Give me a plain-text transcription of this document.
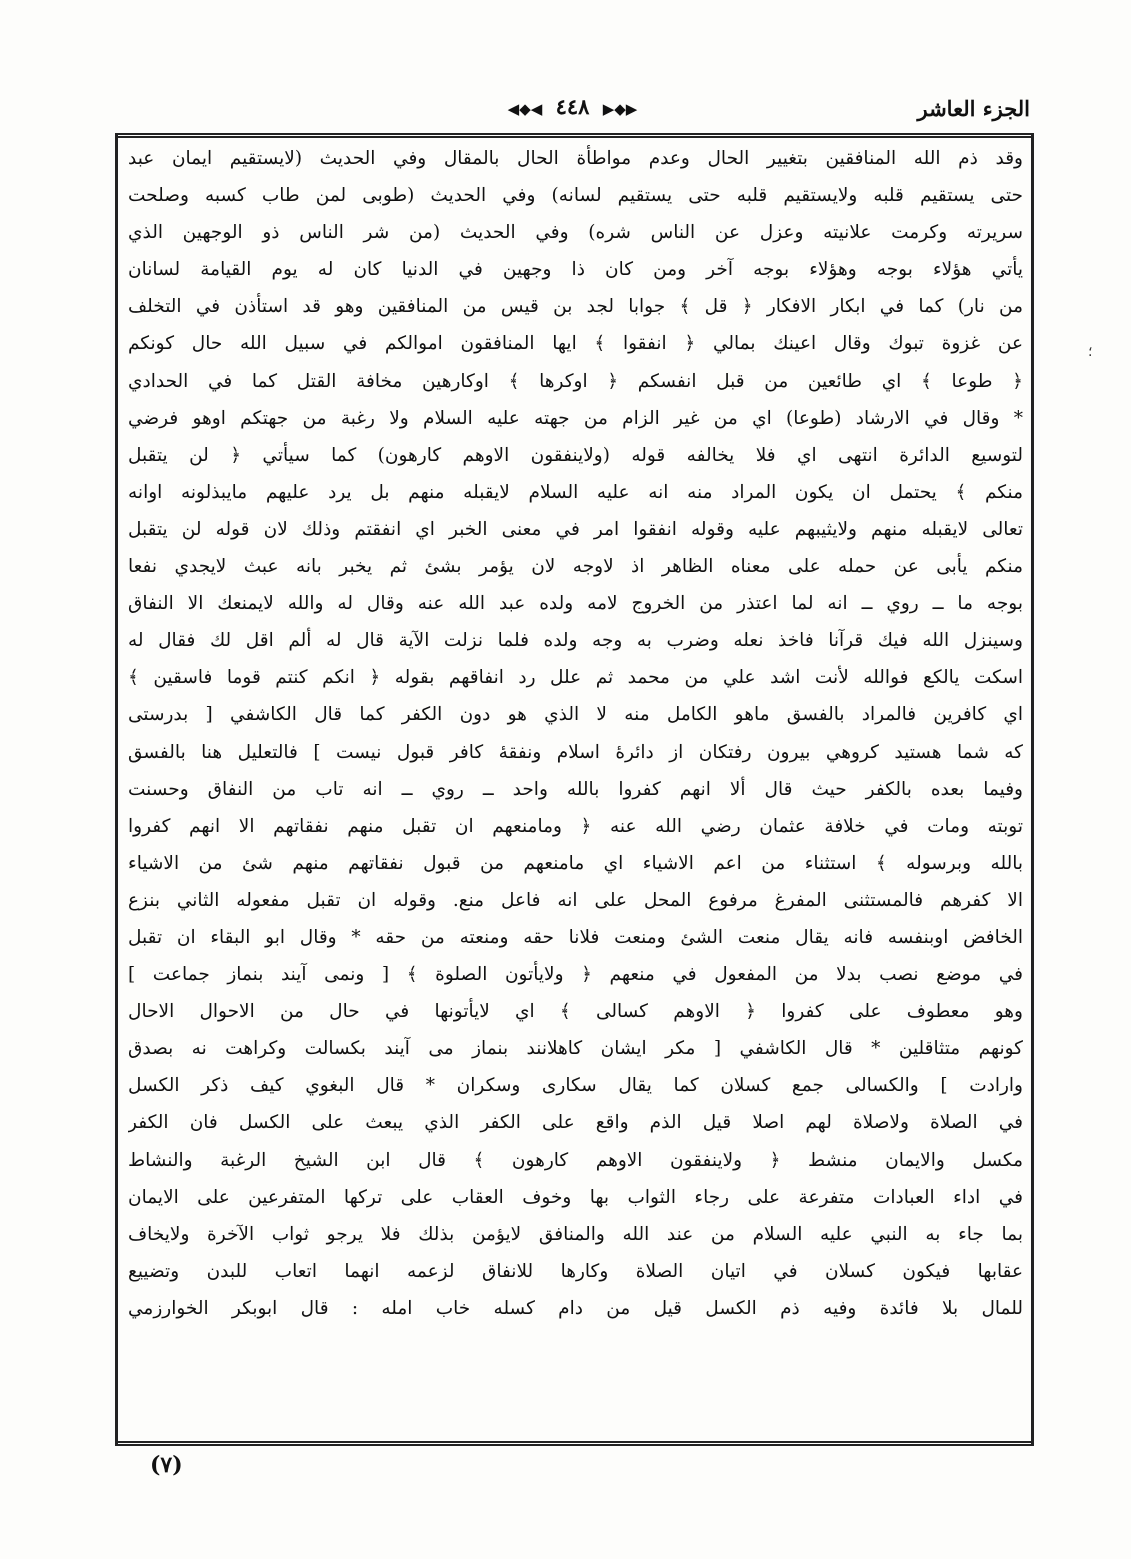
الجزء العاشر
▶◆▶ ٤٤٨ ◀◆◀
وقد ذم الله المنافقين بتغيير الحال وعدم مواطأة الحال بالمقال وفي الحديث (لايستقيم ايمان عبد
حتى يستقيم قلبه ولايستقيم قلبه حتى يستقيم لسانه) وفي الحديث (طوبى لمن طاب كسبه وصلحت
سريرته وكرمت علانيته وعزل عن الناس شره) وفي الحديث (من شر الناس ذو الوجهين الذي
يأتي هؤلاء بوجه وهؤلاء بوجه آخر ومن كان ذا وجهين في الدنيا كان له يوم القيامة لسانان
من نار) كما في ابكار الافكار ﴿ قل ﴾ جوابا لجد بن قيس من المنافقين وهو قد استأذن في التخلف
عن غزوة تبوك وقال اعينك بمالي ﴿ انفقوا ﴾ ايها المنافقون اموالكم في سبيل الله حال كونكم
﴿ طوعا ﴾ اي طائعين من قبل انفسكم ﴿ اوكرها ﴾ اوكارهين مخافة القتل كما في الحدادي
* وقال في الارشاد (طوعا) اي من غير الزام من جهته عليه السلام ولا رغبة من جهتكم اوهو فرضي
لتوسيع الدائرة انتهى اي فلا يخالفه قوله (ولاينفقون الاوهم كارهون) كما سيأتي ﴿ لن يتقبل
منكم ﴾ يحتمل ان يكون المراد منه انه عليه السلام لايقبله منهم بل يرد عليهم مايبذلونه اوانه
تعالى لايقبله منهم ولايثيبهم عليه وقوله انفقوا امر في معنى الخبر اي انفقتم وذلك لان قوله لن يتقبل
منكم يأبى عن حمله على معناه الظاهر اذ لاوجه لان يؤمر بشئ ثم يخبر بانه عبث لايجدي نفعا
بوجه ما ــ روي ــ انه لما اعتذر من الخروج لامه ولده عبد الله عنه وقال له والله لايمنعك الا النفاق
وسينزل الله فيك قرآنا فاخذ نعله وضرب به وجه ولده فلما نزلت الآية قال له ألم اقل لك فقال له
اسكت يالكع فوالله لأنت اشد علي من محمد ثم علل رد انفاقهم بقوله ﴿ انكم كنتم قوما فاسقين ﴾
اي كافرين فالمراد بالفسق ماهو الكامل منه لا الذي هو دون الكفر كما قال الكاشفي [ بدرستى
كه شما هستيد كروهي بيرون رفتكان از دائرهٔ اسلام ونفقهٔ كافر قبول نيست ] فالتعليل هنا بالفسق
وفيما بعده بالكفر حيث قال ألا انهم كفروا بالله واحد ــ روي ــ انه تاب من النفاق وحسنت
توبته ومات في خلافة عثمان رضي الله عنه ﴿ ومامنعهم ان تقبل منهم نفقاتهم الا انهم كفروا
بالله وبرسوله ﴾ استثناء من اعم الاشياء اي مامنعهم من قبول نفقاتهم منهم شئ من الاشياء
الا كفرهم فالمستثنى المفرغ مرفوع المحل على انه فاعل منع. وقوله ان تقبل مفعوله الثاني بنزع
الخافض اوبنفسه فانه يقال منعت الشئ ومنعت فلانا حقه ومنعته من حقه * وقال ابو البقاء ان تقبل
في موضع نصب بدلا من المفعول في منعهم ﴿ ولايأتون الصلوة ﴾ [ ونمى آيند بنماز جماعت ]
وهو معطوف على كفروا ﴿ الاوهم كسالى ﴾ اي لايأتونها في حال من الاحوال الاحال
كونهم متثاقلين * قال الكاشفي [ مكر ايشان كاهلانند بنماز مى آيند بكسالت وكراهت نه بصدق
وارادت ] والكسالى جمع كسلان كما يقال سكارى وسكران * قال البغوي كيف ذكر الكسل
في الصلاة ولاصلاة لهم اصلا قيل الذم واقع على الكفر الذي يبعث على الكسل فان الكفر
مكسل والايمان منشط ﴿ ولاينفقون الاوهم كارهون ﴾ قال ابن الشيخ الرغبة والنشاط
في اداء العبادات متفرعة على رجاء الثواب بها وخوف العقاب على تركها المتفرعين على الايمان
بما جاء به النبي عليه السلام من عند الله والمنافق لايؤمن بذلك فلا يرجو ثواب الآخرة ولايخاف
عقابها فيكون كسلان في اتيان الصلاة وكارها للانفاق لزعمه انهما اتعاب للبدن وتضييع
للمال بلا فائدة وفيه ذم الكسل قيل من دام كسله خاب امله : قال ابوبكر الخوارزمي
؛
(٧)
